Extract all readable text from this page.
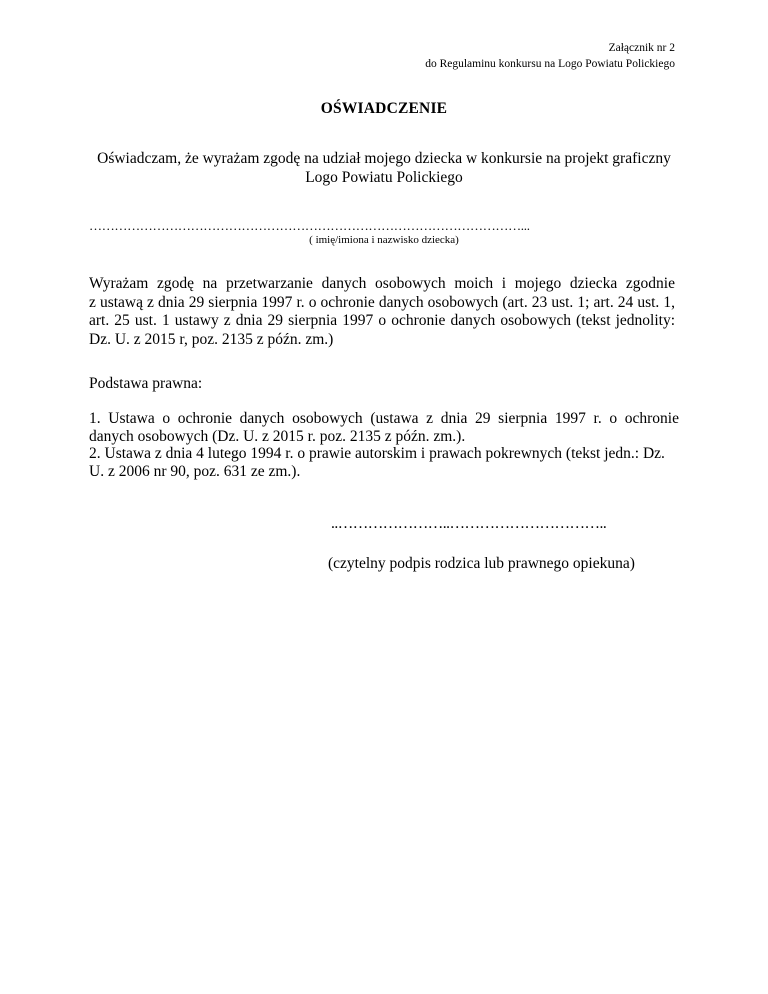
Załącznik nr 2
do Regulaminu konkursu na Logo Powiatu Polickiego
OŚWIADCZENIE
Oświadczam, że wyrażam zgodę na udział mojego dziecka w konkursie na projekt graficzny
Logo Powiatu Polickiego
…………………………………………………………………………………………...
( imię/imiona i nazwisko dziecka)
Wyrażam zgodę na przetwarzanie danych osobowych moich i mojego dziecka zgodnie
z ustawą z dnia 29 sierpnia 1997 r. o ochronie danych osobowych (art. 23 ust. 1; art. 24 ust. 1,
art. 25 ust. 1 ustawy z dnia 29 sierpnia 1997 o ochronie danych osobowych (tekst jednolity:
Dz. U. z 2015 r, poz. 2135 z późn. zm.)
Podstawa prawna:
1. Ustawa o ochronie danych osobowych (ustawa z dnia 29 sierpnia 1997 r. o ochronie
danych osobowych (Dz. U. z 2015 r. poz. 2135 z późn. zm.).
2. Ustawa z dnia 4 lutego 1994 r. o prawie autorskim i prawach pokrewnych (tekst jedn.: Dz.
U. z 2006 nr 90, poz. 631 ze zm.).
..…………………..…………………………..
(czytelny podpis rodzica lub prawnego opiekuna)
